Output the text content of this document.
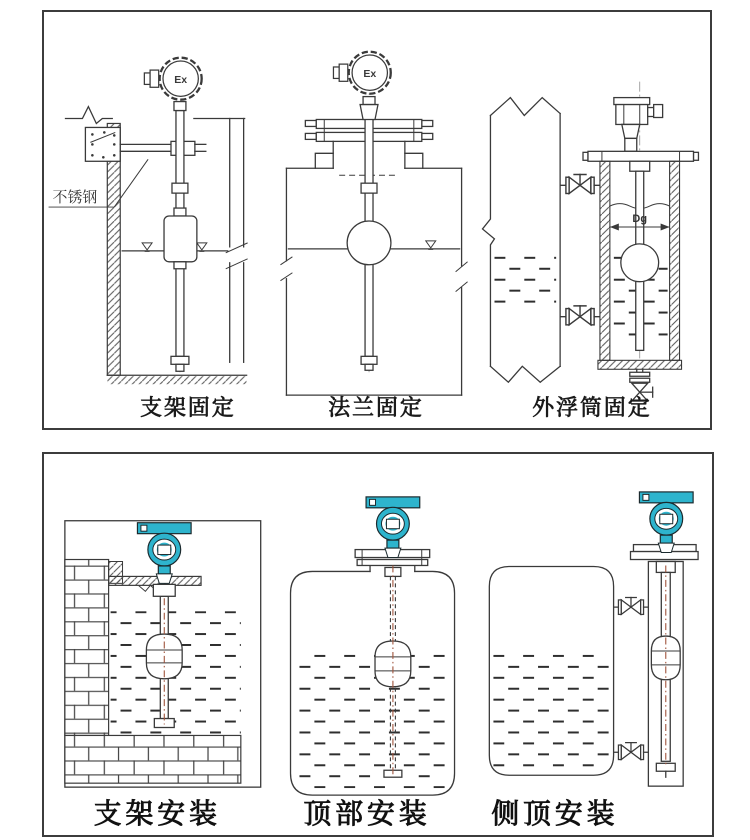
不锈钢
Dg
支架固定	法兰固定	外浮筒固定
支架安装	顶部安装 侧顶安装
